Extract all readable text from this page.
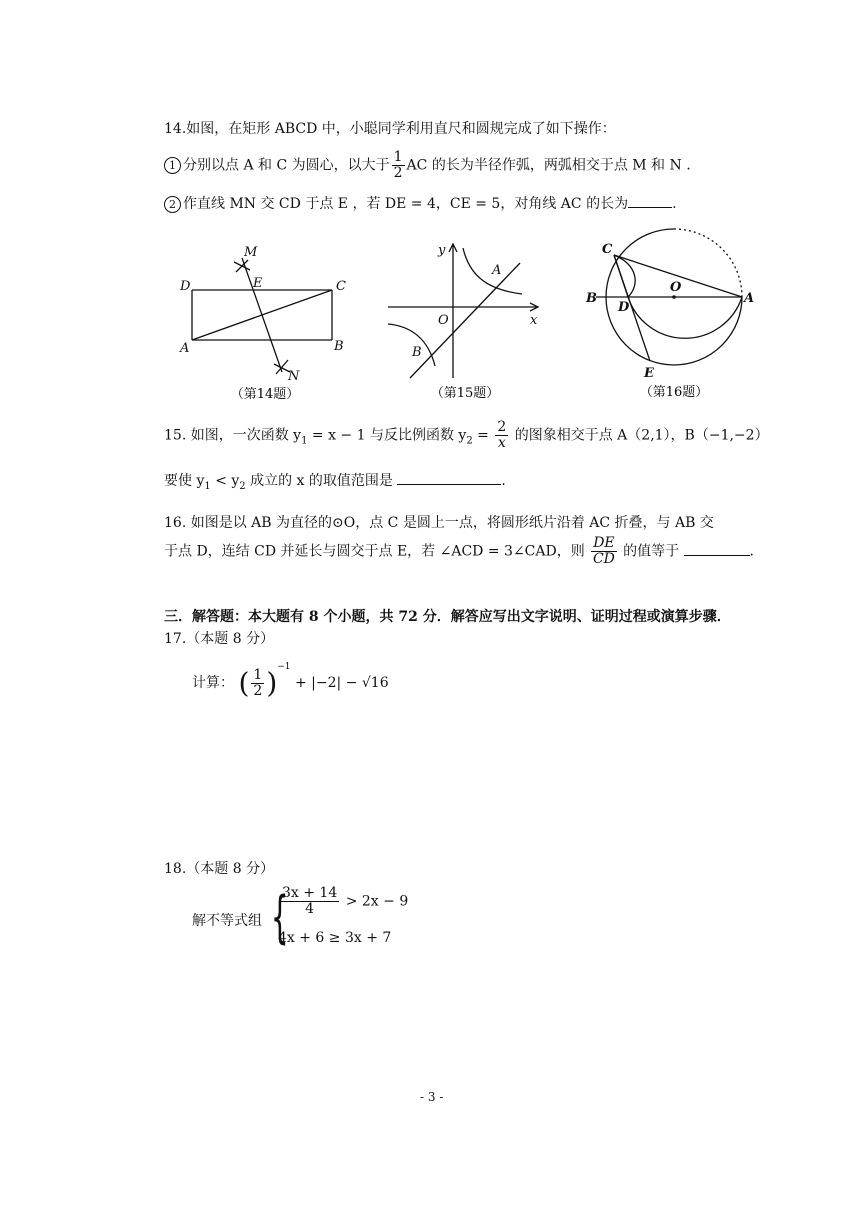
14.如图，在矩形 ABCD 中，小聪同学利用直尺和圆规完成了如下操作：
1 分别以点 A 和 C 为圆心，以大于 $\frac{1}{2}$ AC 的长为半径作弧，两弧相交于点 M 和 N .
2 作直线 MN 交 CD 于点 E ，若 DE = 4，CE = 5，对角线 AC 的长为	.
M
E
D	C
A	B
N
（第14题）
y
x
O
A
B
（第15题）
C
B
D
O
A
E
（第16题）
15. 如图，一次函数 $y_1 = x - 1$ 与反比例函数 $y_2 = \frac{2}{x}$ 的图象相交于点 A（2,1），B（−1,−2）
要使 $y_1 < y_2$ 成立的 x 的取值范围是	.
16. 如图是以 AB 为直径的⊙O，点 C 是圆上一点，将圆形纸片沿着 AC 折叠，与 AB 交
于点 D，连结 CD 并延长与圆交于点 E，若 ∠ACD = 3∠CAD，则 $\frac{DE}{CD}$ 的值等于	.
三．解答题：本大题有 8 个小题，共 72 分．解答应写出文字说明、证明过程或演算步骤．
17.（本题 8 分）
计算： ( $\frac{1}{2} )^{-1} + |-2| - √16$
18.（本题 8 分）
解不等式组 {
$\frac{3x + 14}{4} > 2x - 9$
4x + 6 ≥ 3x + 7
- 3 -
